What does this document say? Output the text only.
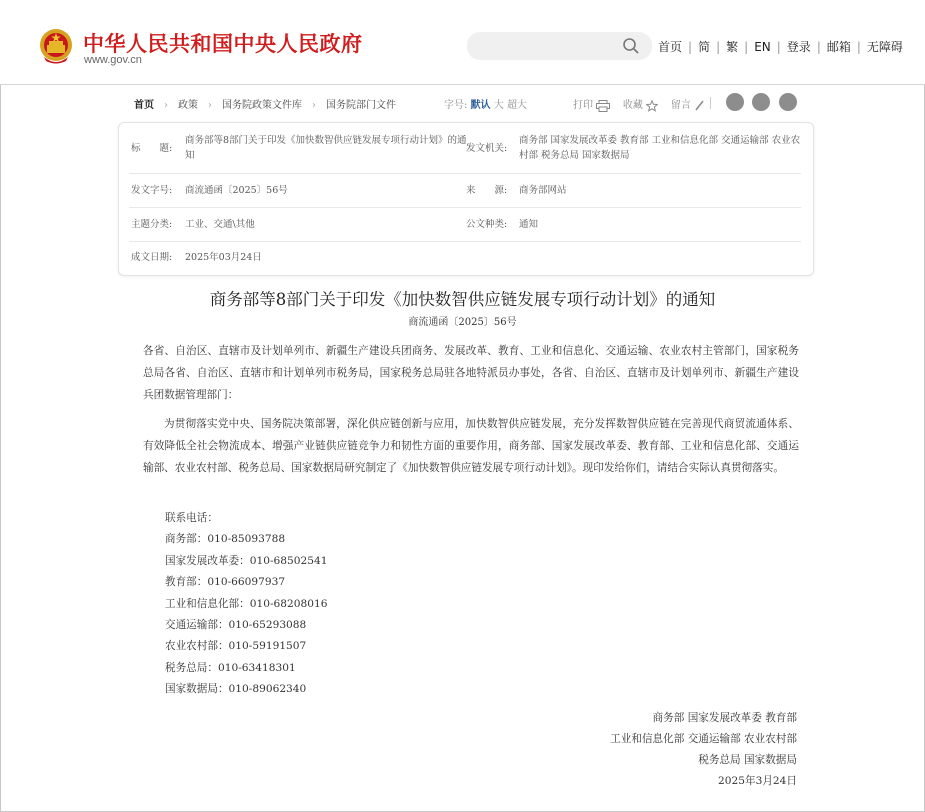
中华人民共和国中央人民政府
www.gov.cn
首页 | 简 | 繁 | EN | 登录 | 邮箱 | 无障碍
首页 › 政策 › 国务院政策文件库 › 国务院部门文件	字号: 默认 大 超大	打印	收藏	留言
标　　题:
商务部等8部门关于印发《加快数智供应链发展专项行动计划》的通知
发文机关:
商务部 国家发展改革委 教育部 工业和信息化部 交通运输部 农业农村部 税务总局 国家数据局
发文字号: 商流通函〔2025〕56号	来　　源: 商务部网站
主题分类: 工业、交通\其他	公文种类: 通知
成文日期: 2025年03月24日
商务部等8部门关于印发《加快数智供应链发展专项行动计划》的通知
商流通函〔2025〕56号
各省、自治区、直辖市及计划单列市、新疆生产建设兵团商务、发展改革、教育、工业和信息化、交通运输、农业农村主管部门，国家税务总局各省、自治区、直辖市和计划单列市税务局，国家税务总局驻各地特派员办事处，各省、自治区、直辖市及计划单列市、新疆生产建设兵团数据管理部门：
为贯彻落实党中央、国务院决策部署，深化供应链创新与应用，加快数智供应链发展，充分发挥数智供应链在完善现代商贸流通体系、有效降低全社会物流成本、增强产业链供应链竞争力和韧性方面的重要作用，商务部、国家发展改革委、教育部、工业和信息化部、交通运输部、农业农村部、税务总局、国家数据局研究制定了《加快数智供应链发展专项行动计划》。现印发给你们，请结合实际认真贯彻落实。
联系电话：
商务部：010-85093788
国家发展改革委：010-68502541
教育部：010-66097937
工业和信息化部：010-68208016
交通运输部：010-65293088
农业农村部：010-59191507
税务总局：010-63418301
国家数据局：010-89062340
商务部 国家发展改革委 教育部
工业和信息化部 交通运输部 农业农村部
税务总局 国家数据局
2025年3月24日
